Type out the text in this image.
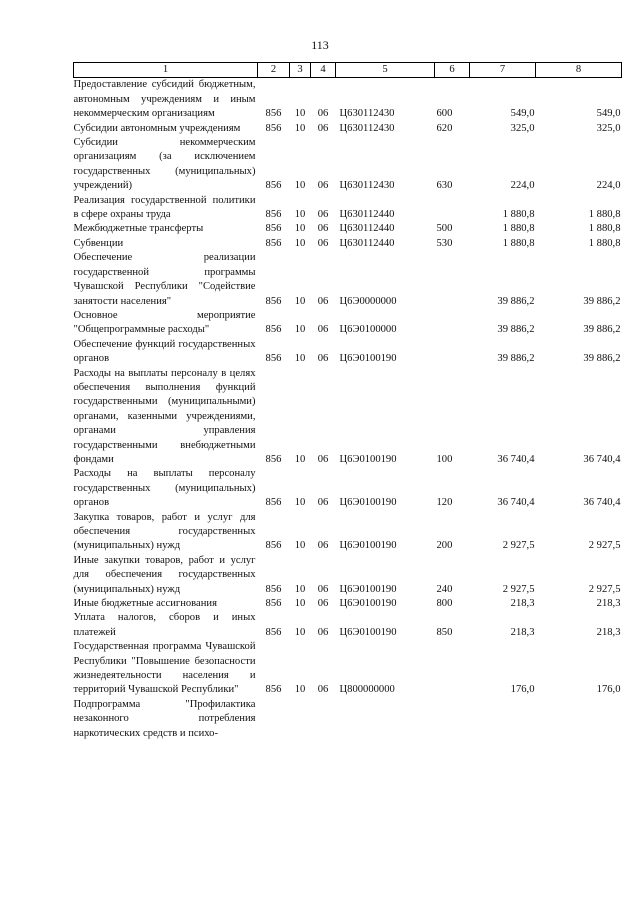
113
1	2	3	4	5	6	7	8
Предоставление субсидий бюджетным, автономным учреждениям и иным некоммерческим организациям	856	10	06	Ц630112430	600	549,0	549,0
Субсидии автономным учреждениям	856	10	06	Ц630112430	620	325,0	325,0
Субсидии некоммерческим организациям (за исключением государственных (муниципальных) учреждений)	856	10	06	Ц630112430	630	224,0	224,0
Реализация государственной политики в сфере охраны труда	856	10	06	Ц630112440		1 880,8	1 880,8
Межбюджетные трансферты	856	10	06	Ц630112440	500	1 880,8	1 880,8
Субвенции	856	10	06	Ц630112440	530	1 880,8	1 880,8
Обеспечение реализации государственной программы Чувашской Республики "Содействие занятости населения"	856	10	06	Ц6Э0000000		39 886,2	39 886,2
Основное мероприятие "Общепрограммные расходы"	856	10	06	Ц6Э0100000		39 886,2	39 886,2
Обеспечение функций государственных органов	856	10	06	Ц6Э0100190		39 886,2	39 886,2
Расходы на выплаты персоналу в целях обеспечения выполнения функций государственными (муниципальными) органами, казенными учреждениями, органами управления государственными внебюджетными фондами	856	10	06	Ц6Э0100190	100	36 740,4	36 740,4
Расходы на выплаты персоналу государственных (муниципальных) органов	856	10	06	Ц6Э0100190	120	36 740,4	36 740,4
Закупка товаров, работ и услуг для обеспечения государственных (муниципальных) нужд	856	10	06	Ц6Э0100190	200	2 927,5	2 927,5
Иные закупки товаров, работ и услуг для обеспечения государственных (муниципальных) нужд	856	10	06	Ц6Э0100190	240	2 927,5	2 927,5
Иные бюджетные ассигнования	856	10	06	Ц6Э0100190	800	218,3	218,3
Уплата налогов, сборов и иных платежей	856	10	06	Ц6Э0100190	850	218,3	218,3
Государственная программа Чувашской Республики "Повышение безопасности жизнедеятельности населения и территорий Чувашской Республики"	856	10	06	Ц800000000		176,0	176,0
Подпрограмма "Профилактика незаконного потребления наркотических средств и психо-							
